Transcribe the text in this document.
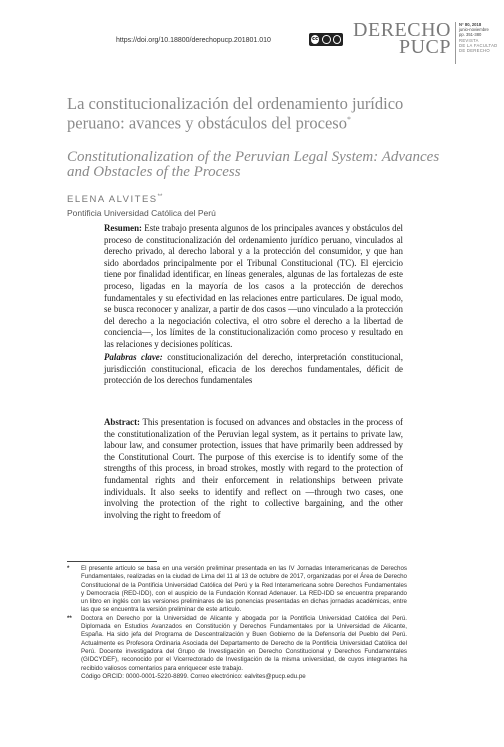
https://doi.org/10.18800/derechopucp.201801.010	cc DERECHO
PUCP
N° 80, 2018
junio-noviembre
pp. 351-380
REVISTA
DE LA FACULTAD
DE DERECHO
La constitucionalización del ordenamiento jurídico peruano: avances y obstáculos del proceso*
Constitutionalization of the Peruvian Legal System: Advances and Obstacles of the Process
ELENA ALVITES**
Pontificia Universidad Católica del Perú
Resumen: Este trabajo presenta algunos de los principales avances y obstáculos del proceso de constitucionalización del ordenamiento jurídico peruano, vinculados al derecho privado, al derecho laboral y a la protección del consumidor, y que han sido abordados principalmente por el Tribunal Constitucional (TC). El ejercicio tiene por finalidad identificar, en líneas generales, algunas de las fortalezas de este proceso, ligadas en la mayoría de los casos a la protección de derechos fundamentales y su efectividad en las relaciones entre particulares. De igual modo, se busca reconocer y analizar, a partir de dos casos —uno vinculado a la protección del derecho a la negociación colectiva, el otro sobre el derecho a la libertad de conciencia—, los límites de la constitucionalización como proceso y resultado en las relaciones y decisiones políticas.
Palabras clave: constitucionalización del derecho, interpretación constitucional, jurisdicción constitucional, eficacia de los derechos fundamentales, déficit de protección de los derechos fundamentales
Abstract: This presentation is focused on advances and obstacles in the process of the constitutionalization of the Peruvian legal system, as it pertains to private law, labour law, and consumer protection, issues that have primarily been addressed by the Constitutional Court. The purpose of this exercise is to identify some of the strengths of this process, in broad strokes, mostly with regard to the protection of fundamental rights and their enforcement in relationships between private individuals. It also seeks to identify and reflect on —through two cases, one involving the protection of the right to collective bargaining, and the other involving the right to freedom of
* El presente artículo se basa en una versión preliminar presentada en las IV Jornadas Interamericanas de Derechos Fundamentales, realizadas en la ciudad de Lima del 11 al 13 de octubre de 2017, organizadas por el Área de Derecho Constitucional de la Pontificia Universidad Católica del Perú y la Red Interamericana sobre Derechos Fundamentales y Democracia (RED-IDD), con el auspicio de la Fundación Konrad Adenauer. La RED-IDD se encuentra preparando un libro en inglés con las versiones preliminares de las ponencias presentadas en dichas jornadas académicas, entre las que se encuentra la versión preliminar de este artículo.
** Doctora en Derecho por la Universidad de Alicante y abogada por la Pontificia Universidad Católica del Perú. Diplomada en Estudios Avanzados en Constitución y Derechos Fundamentales por la Universidad de Alicante, España. Ha sido jefa del Programa de Descentralización y Buen Gobierno de la Defensoría del Pueblo del Perú. Actualmente es Profesora Ordinaria Asociada del Departamento de Derecho de la Pontificia Universidad Católica del Perú. Docente investigadora del Grupo de Investigación en Derecho Constitucional y Derechos Fundamentales (GIDCYDEF), reconocido por el Vicerrectorado de Investigación de la misma universidad, de cuyos integrantes ha recibido valiosos comentarios para enriquecer este trabajo.
Código ORCID: 0000-0001-5220-8899. Correo electrónico: ealvites@pucp.edu.pe
